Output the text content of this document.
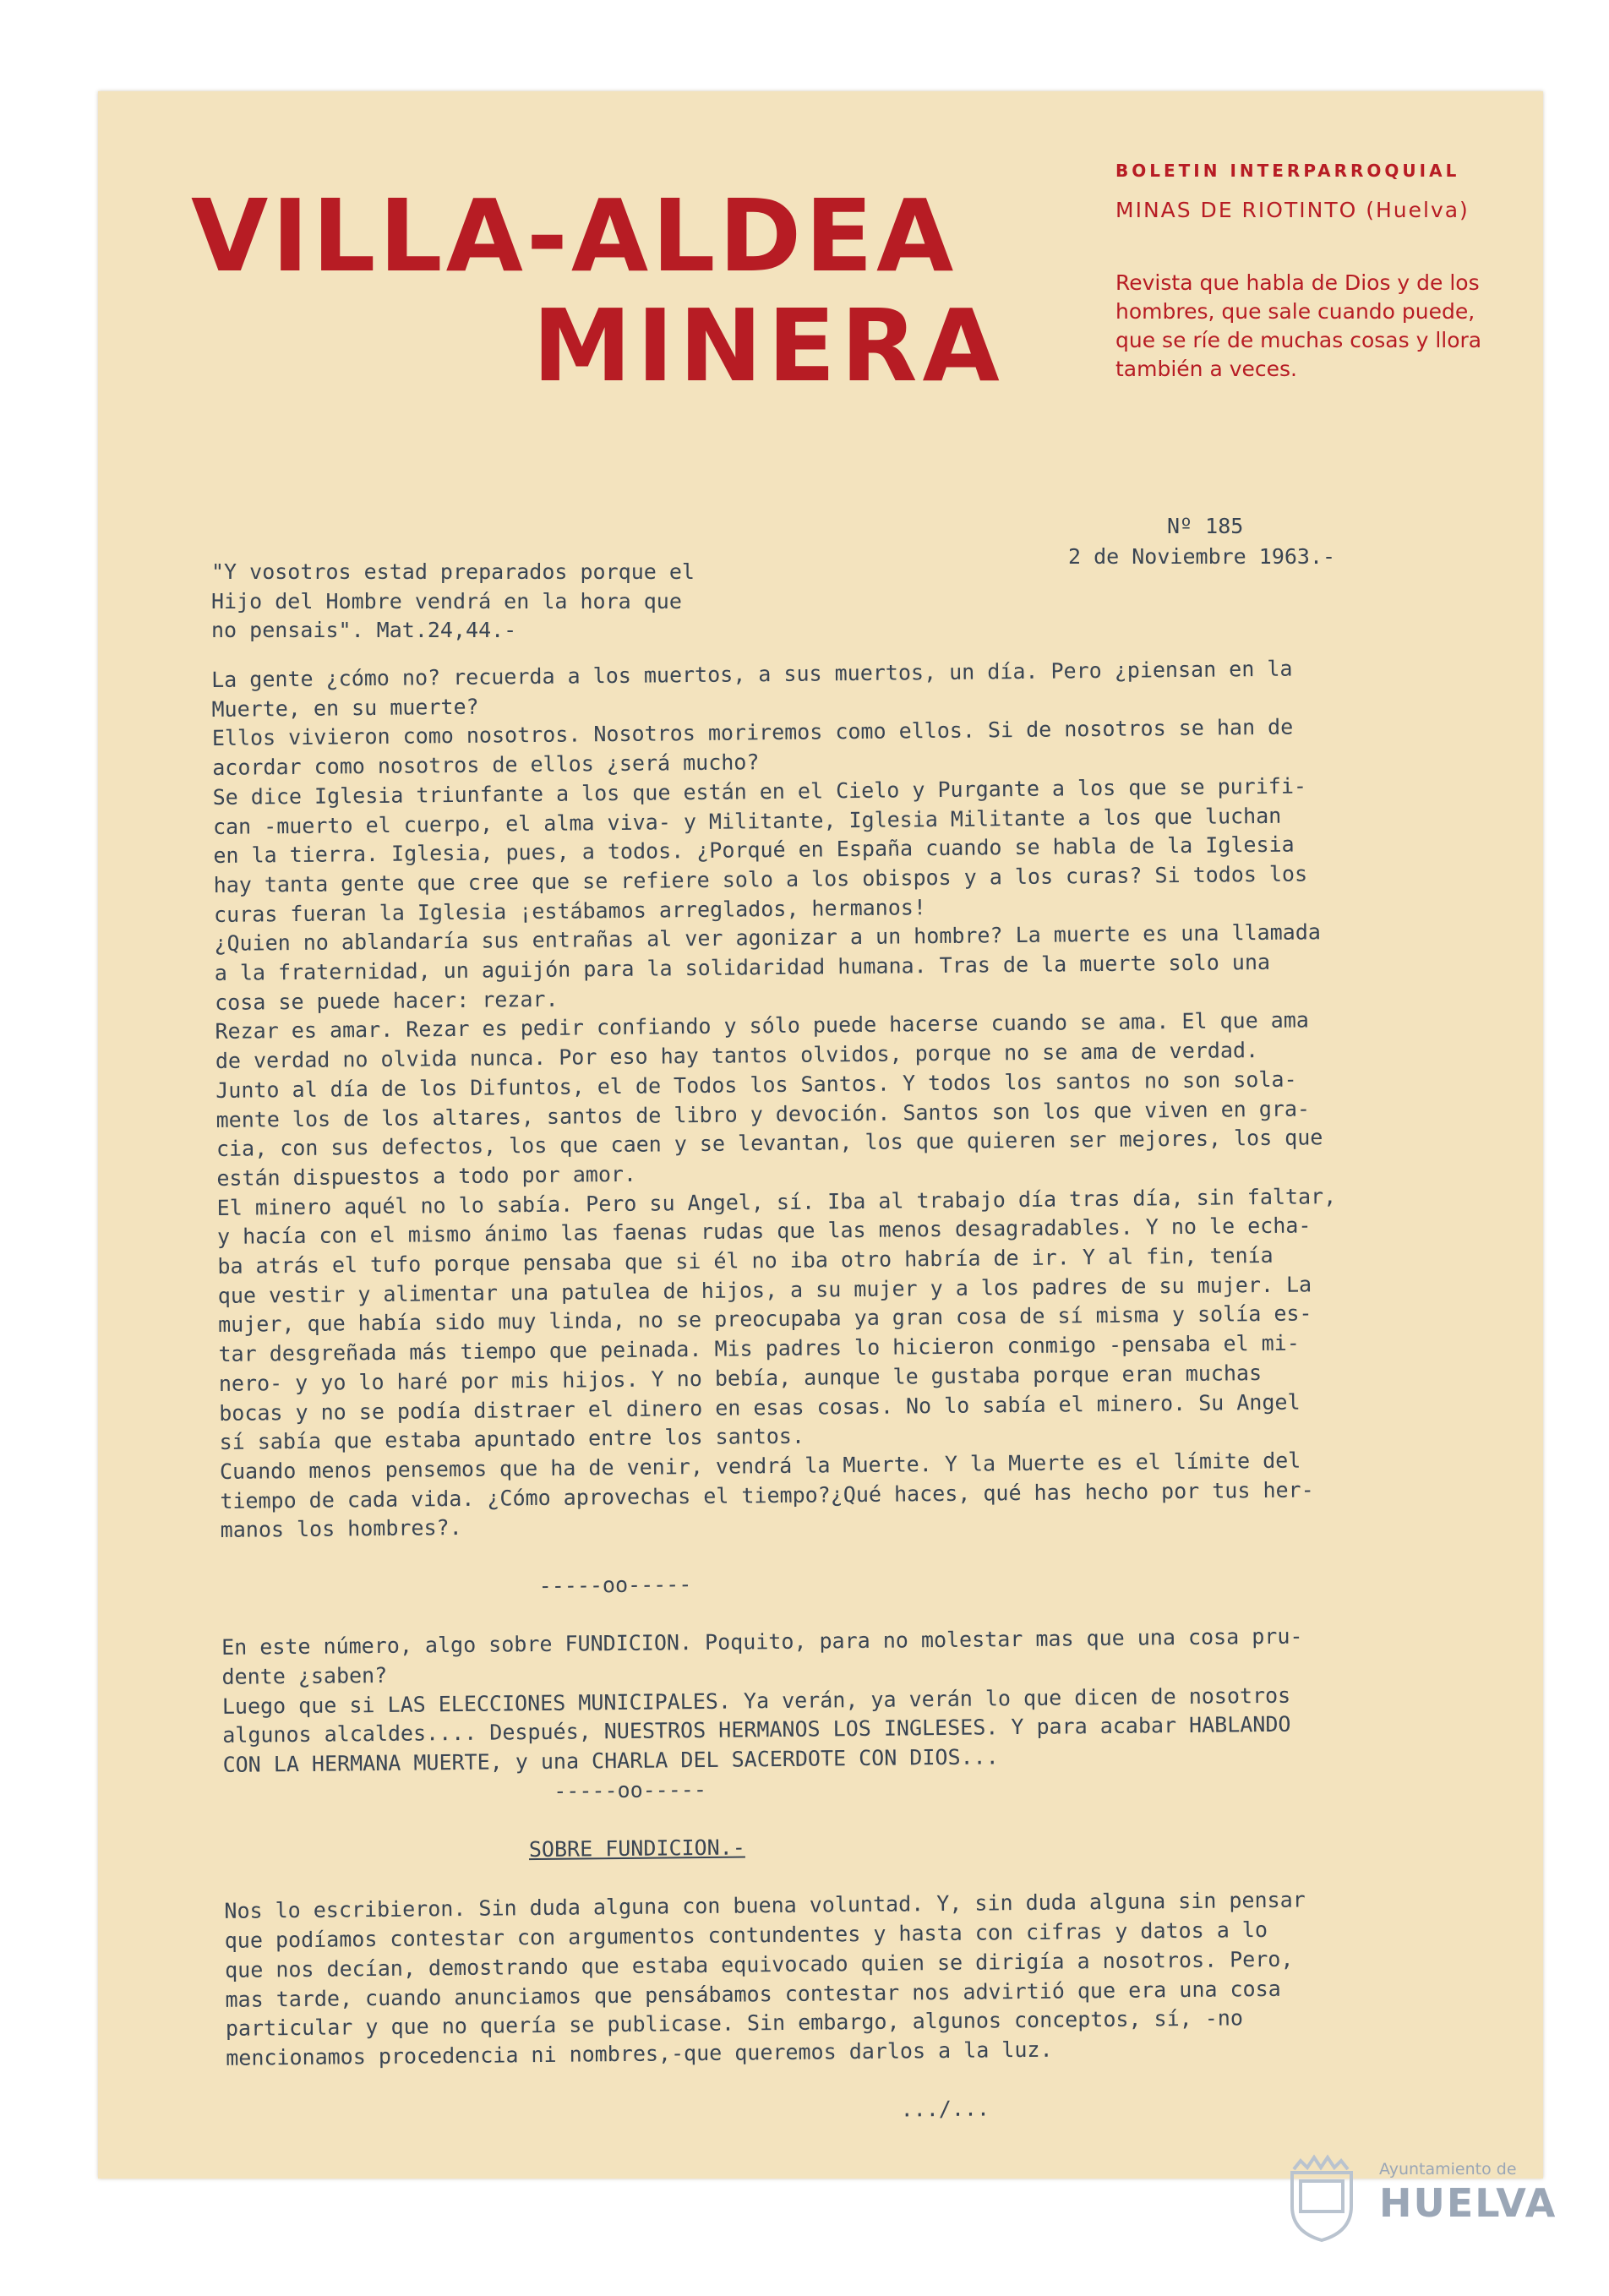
VILLA-ALDEA
MINERA
BOLETIN INTERPARROQUIAL
MINAS DE RIOTINTO (Huelva)
Revista que habla de Dios y de los hombres, que sale cuando puede, que se ríe de muchas cosas y llora también a veces.
Nº 185
2 de Noviembre 1963.-

"Y vosotros estad preparados porque el

Hijo del Hombre vendrá en la hora que

no pensais". Mat.24,44.-

La gente ¿cómo no? recuerda a los muertos, a sus muertos, un día. Pero ¿piensan en la

Muerte, en su muerte?

Ellos vivieron como nosotros. Nosotros moriremos como ellos. Si de nosotros se han de

acordar como nosotros de ellos ¿será mucho?

Se dice Iglesia triunfante a los que están en el Cielo y Purgante a los que se purifi-

can -muerto el cuerpo, el alma viva- y Militante, Iglesia Militante a los que luchan

en la tierra. Iglesia, pues, a todos. ¿Porqué en España cuando se habla de la Iglesia

hay tanta gente que cree que se refiere solo a los obispos y a los curas? Si todos los

curas fueran la Iglesia ¡estábamos arreglados, hermanos!

¿Quien no ablandaría sus entrañas al ver agonizar a un hombre? La muerte es una llamada

a la fraternidad, un aguijón para la solidaridad humana. Tras de la muerte solo una

cosa se puede hacer: rezar.

Rezar es amar. Rezar es pedir confiando y sólo puede hacerse cuando se ama. El que ama

de verdad no olvida nunca. Por eso hay tantos olvidos, porque no se ama de verdad.

Junto al día de los Difuntos, el de Todos los Santos. Y todos los santos no son sola-

mente los de los altares, santos de libro y devoción. Santos son los que viven en gra-

cia, con sus defectos, los que caen y se levantan, los que quieren ser mejores, los que

están dispuestos a todo por amor.

El minero aquél no lo sabía. Pero su Angel, sí. Iba al trabajo día tras día, sin faltar,

y hacía con el mismo ánimo las faenas rudas que las menos desagradables. Y no le echa-

ba atrás el tufo porque pensaba que si él no iba otro habría de ir. Y al fin, tenía

que vestir y alimentar una patulea de hijos, a su mujer y a los padres de su mujer. La

mujer, que había sido muy linda, no se preocupaba ya gran cosa de sí misma y solía es-

tar desgreñada más tiempo que peinada. Mis padres lo hicieron conmigo -pensaba el mi-

nero- y yo lo haré por mis hijos. Y no bebía, aunque le gustaba porque eran muchas

bocas y no se podía distraer el dinero en esas cosas. No lo sabía el minero. Su Angel

sí sabía que estaba apuntado entre los santos.

Cuando menos pensemos que ha de venir, vendrá la Muerte. Y la Muerte es el límite del

tiempo de cada vida. ¿Cómo aprovechas el tiempo?¿Qué haces, qué has hecho por tus her-

manos los hombres?.

-----oo-----

En este número, algo sobre FUNDICION. Poquito, para no molestar mas que una cosa pru-

dente ¿saben?

Luego que si LAS ELECCIONES MUNICIPALES. Ya verán, ya verán lo que dicen de nosotros

algunos alcaldes.... Después, NUESTROS HERMANOS LOS INGLESES. Y para acabar HABLANDO

CON LA HERMANA MUERTE, y una CHARLA DEL SACERDOTE CON DIOS...

-----oo-----

SOBRE FUNDICION.-

Nos lo escribieron. Sin duda alguna con buena voluntad. Y, sin duda alguna sin pensar

que podíamos contestar con argumentos contundentes y hasta con cifras y datos a lo

que nos decían, demostrando que estaba equivocado quien se dirigía a nosotros. Pero,

mas tarde, cuando anunciamos que pensábamos contestar nos advirtió que era una cosa

particular y que no quería se publicase. Sin embargo, algunos conceptos, sí, -no

mencionamos procedencia ni nombres,-que queremos darlos a la luz.

.../...

Ayuntamiento de
HUELVA
